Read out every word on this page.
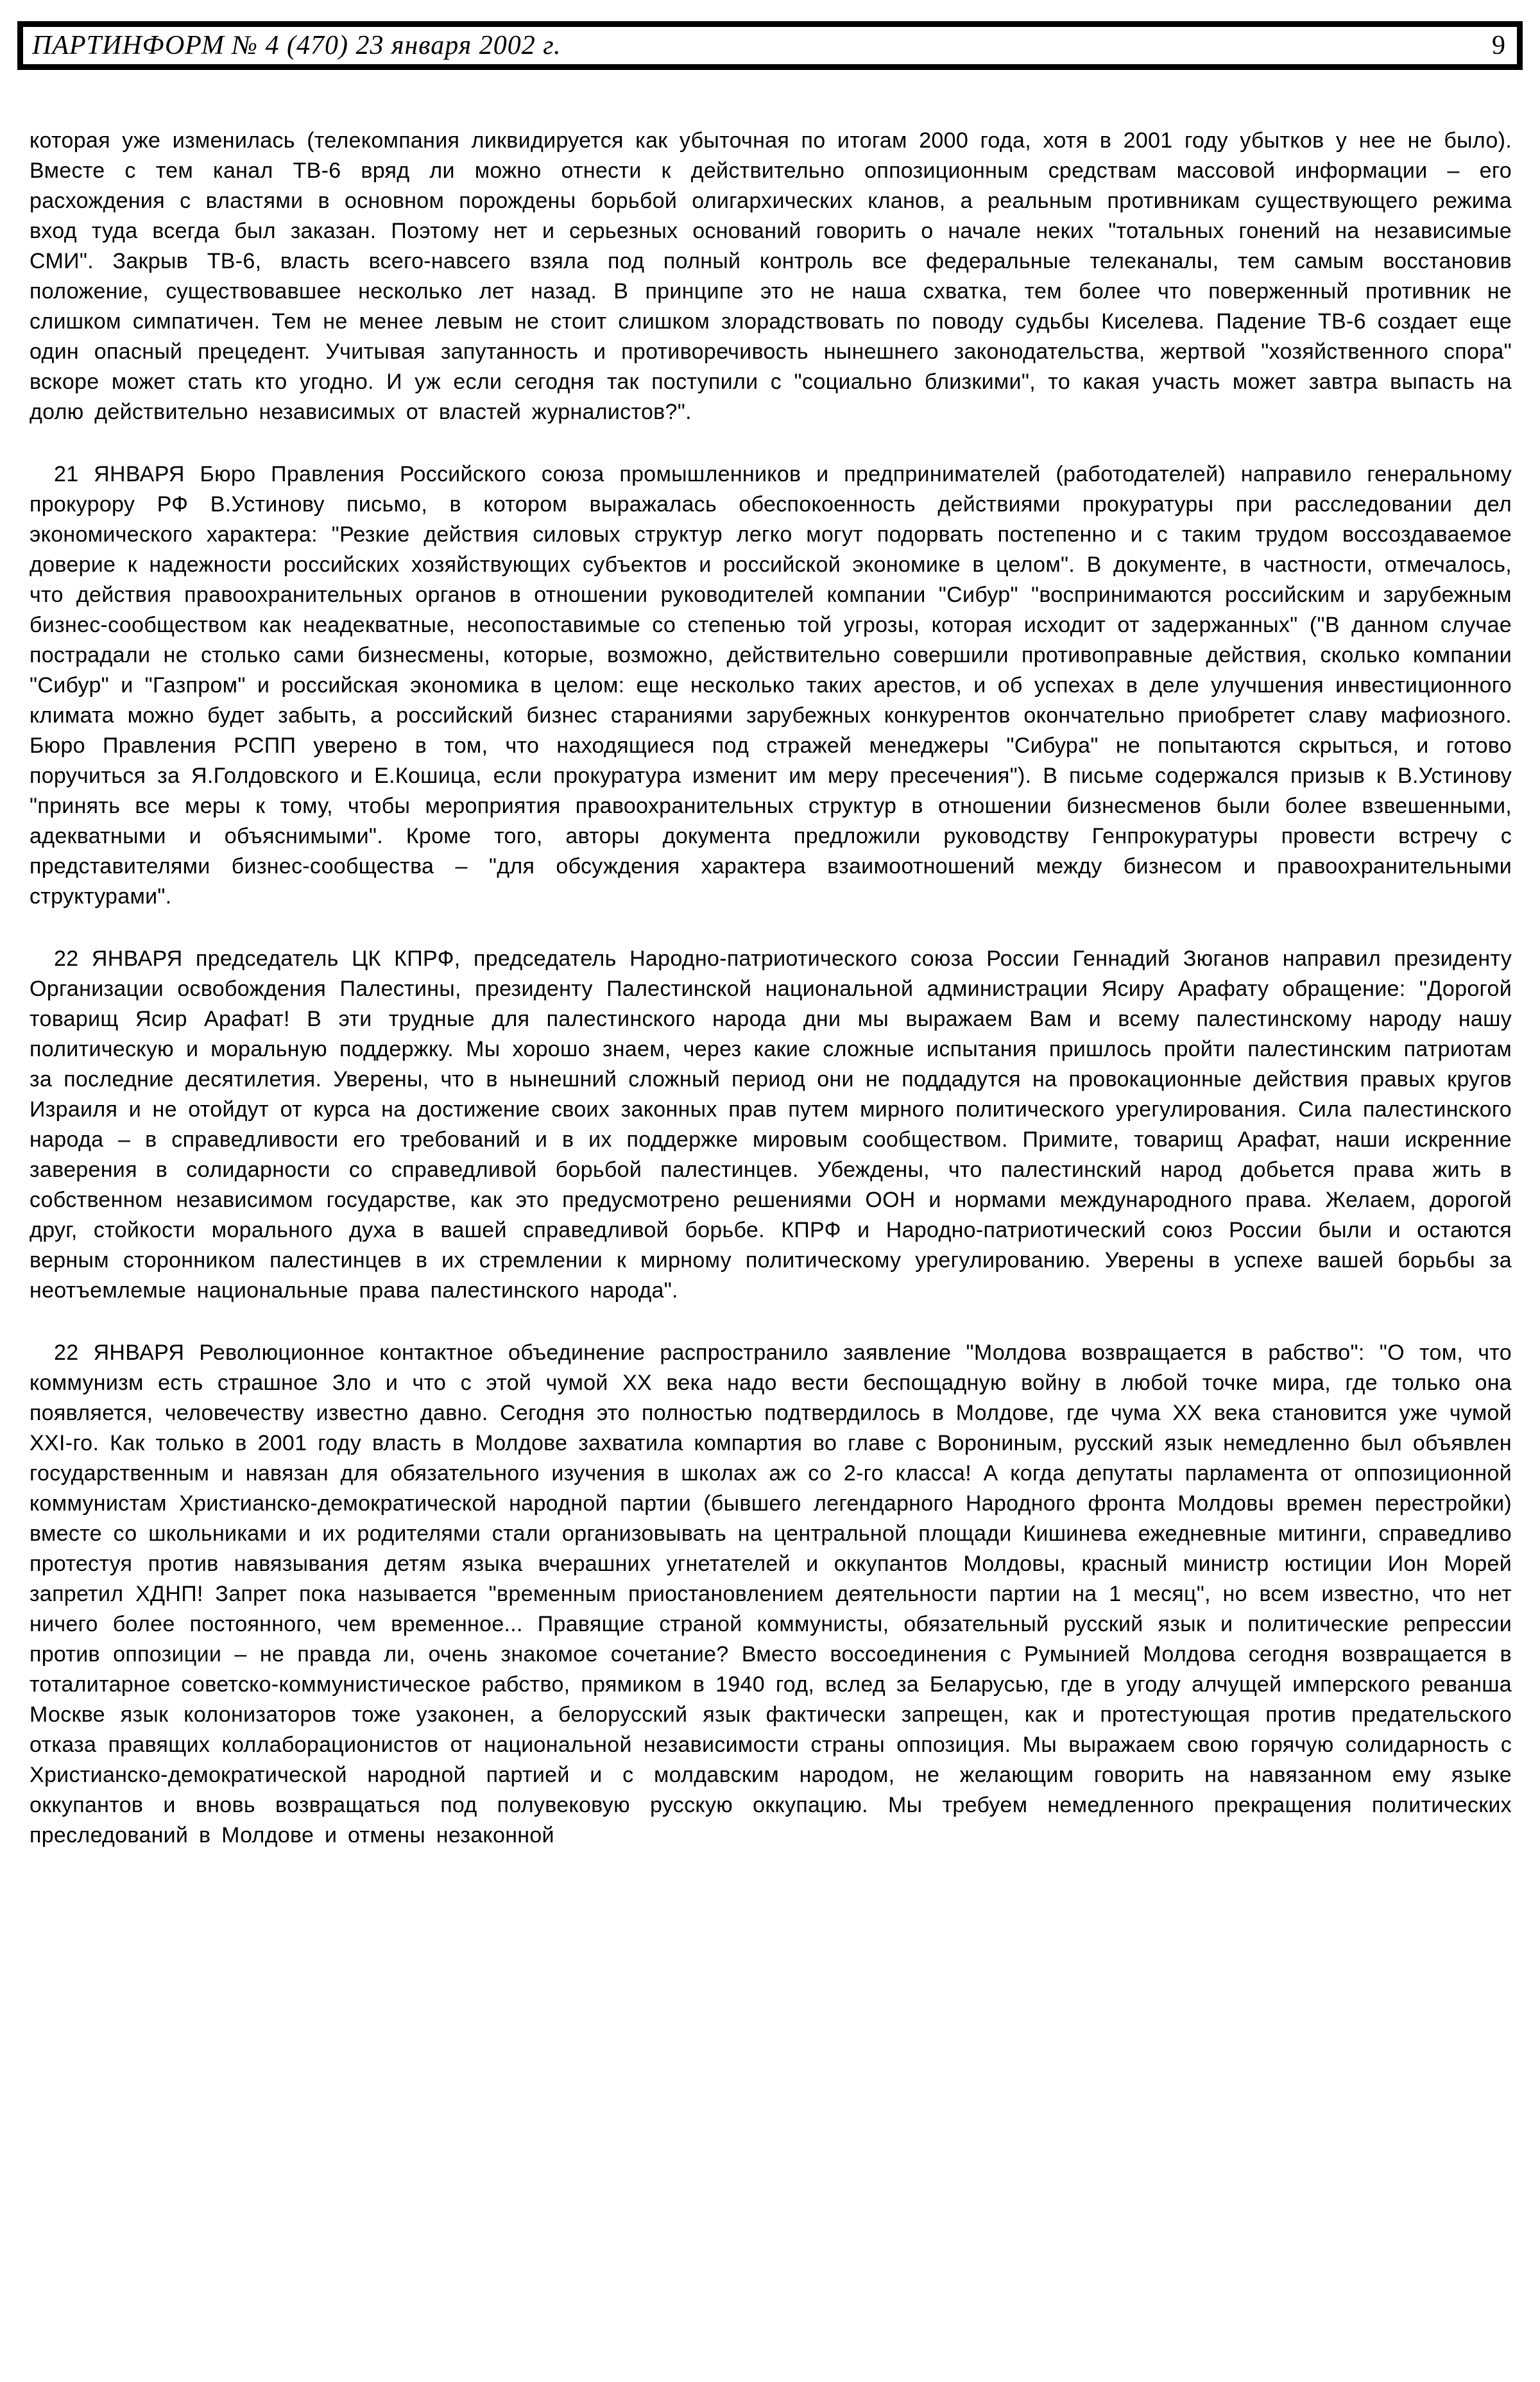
ПАРТИНФОРМ № 4 (470) 23 января 2002 г.	9

которая уже изменилась (телекомпания ликвидируется как убыточная по итогам 2000 года, хотя в 2001 году убытков у нее не было). Вместе с тем канал ТВ-6 вряд ли можно отнести к действительно оппозиционным средствам массовой информации – его расхождения с властями в основном порождены борьбой олигархических кланов, а реальным противникам существующего режима вход туда всегда был заказан. Поэтому нет и серьезных оснований говорить о начале неких "тотальных гонений на независимые СМИ". Закрыв ТВ-6, власть всего-навсего взяла под полный контроль все федеральные телеканалы, тем самым восстановив положение, существовавшее несколько лет назад. В принципе это не наша схватка, тем более что поверженный противник не слишком симпатичен. Тем не менее левым не стоит слишком злорадствовать по поводу судьбы Киселева. Падение ТВ-6 создает еще один опасный прецедент. Учитывая запутанность и противоречивость нынешнего законодательства, жертвой "хозяйственного спора" вскоре может стать кто угодно. И уж если сегодня так поступили с "социально близкими", то какая участь может завтра выпасть на долю действительно независимых от властей журналистов?".

21 ЯНВАРЯ Бюро Правления Российского союза промышленников и предпринимателей (работодателей) направило генеральному прокурору РФ В.Устинову письмо, в котором выражалась обеспокоенность действиями прокуратуры при расследовании дел экономического характера: "Резкие действия силовых структур легко могут подорвать постепенно и с таким трудом воссоздаваемое доверие к надежности российских хозяйствующих субъектов и российской экономике в целом". В документе, в частности, отмечалось, что действия правоохранительных органов в отношении руководителей компании "Сибур" "воспринимаются российским и зарубежным бизнес-сообществом как неадекватные, несопоставимые со степенью той угрозы, которая исходит от задержанных" ("В данном случае пострадали не столько сами бизнесмены, которые, возможно, действительно совершили противоправные действия, сколько компании "Сибур" и "Газпром" и российская экономика в целом: еще несколько таких арестов, и об успехах в деле улучшения инвестиционного климата можно будет забыть, а российский бизнес стараниями зарубежных конкурентов окончательно приобретет славу мафиозного. Бюро Правления РСПП уверено в том, что находящиеся под стражей менеджеры "Сибура" не попытаются скрыться, и готово поручиться за Я.Голдовского и Е.Кошица, если прокуратура изменит им меру пресечения"). В письме содержался призыв к В.Устинову "принять все меры к тому, чтобы мероприятия правоохранительных структур в отношении бизнесменов были более взвешенными, адекватными и объяснимыми". Кроме того, авторы документа предложили руководству Генпрокуратуры провести встречу с представителями бизнес-сообщества – "для обсуждения характера взаимоотношений между бизнесом и правоохранительными структурами".

22 ЯНВАРЯ председатель ЦК КПРФ, председатель Народно-патриотического союза России Геннадий Зюганов направил президенту Организации освобождения Палестины, президенту Палестинской национальной администрации Ясиру Арафату обращение: "Дорогой товарищ Ясир Арафат! В эти трудные для палестинского народа дни мы выражаем Вам и всему палестинскому народу нашу политическую и моральную поддержку. Мы хорошо знаем, через какие сложные испытания пришлось пройти палестинским патриотам за последние десятилетия. Уверены, что в нынешний сложный период они не поддадутся на провокационные действия правых кругов Израиля и не отойдут от курса на достижение своих законных прав путем мирного политического урегулирования. Сила палестинского народа – в справедливости его требований и в их поддержке мировым сообществом. Примите, товарищ Арафат, наши искренние заверения в солидарности со справедливой борьбой палестинцев. Убеждены, что палестинский народ добьется права жить в собственном независимом государстве, как это предусмотрено решениями ООН и нормами международного права. Желаем, дорогой друг, стойкости морального духа в вашей справедливой борьбе. КПРФ и Народно-патриотический союз России были и остаются верным сторонником палестинцев в их стремлении к мирному политическому урегулированию. Уверены в успехе вашей борьбы за неотъемлемые национальные права палестинского народа".

22 ЯНВАРЯ Революционное контактное объединение распространило заявление "Молдова возвращается в рабство": "О том, что коммунизм есть страшное Зло и что с этой чумой XX века надо вести беспощадную войну в любой точке мира, где только она появляется, человечеству известно давно. Сегодня это полностью подтвердилось в Молдове, где чума XX века становится уже чумой XXI-го. Как только в 2001 году власть в Молдове захватила компартия во главе с Ворониным, русский язык немедленно был объявлен государственным и навязан для обязательного изучения в школах аж со 2-го класса! А когда депутаты парламента от оппозиционной коммунистам Христианско-демократической народной партии (бывшего легендарного Народного фронта Молдовы времен перестройки) вместе со школьниками и их родителями стали организовывать на центральной площади Кишинева ежедневные митинги, справедливо протестуя против навязывания детям языка вчерашних угнетателей и оккупантов Молдовы, красный министр юстиции Ион Морей запретил ХДНП! Запрет пока называется "временным приостановлением деятельности партии на 1 месяц", но всем известно, что нет ничего более постоянного, чем временное... Правящие страной коммунисты, обязательный русский язык и политические репрессии против оппозиции – не правда ли, очень знакомое сочетание? Вместо воссоединения с Румынией Молдова сегодня возвращается в тоталитарное советско-коммунистическое рабство, прямиком в 1940 год, вслед за Беларусью, где в угоду алчущей имперского реванша Москве язык колонизаторов тоже узаконен, а белорусский язык фактически запрещен, как и протестующая против предательского отказа правящих коллаборационистов от национальной независимости страны оппозиция. Мы выражаем свою горячую солидарность с Христианско-демократической народной партией и с молдавским народом, не желающим говорить на навязанном ему языке оккупантов и вновь возвращаться под полувековую русскую оккупацию. Мы требуем немедленного прекращения политических преследований в Молдове и отмены незаконной
